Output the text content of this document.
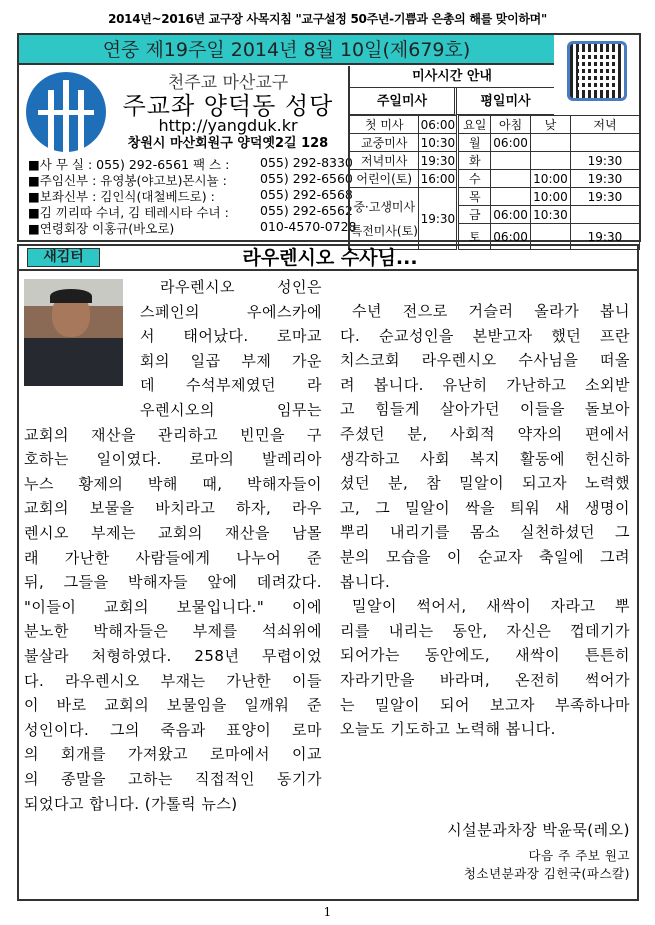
2014년~2016년 교구장 사목지침 "교구설정 50주년-기쁨과 은총의 해를 맞이하며"
연중 제19주일 2014년 8월 10일(제679호)
천주교 마산교구
주교좌 양덕동 성당
http://yangduk.kr
창원시 마산회원구 양덕옛2길 128
■사 무 실 : 055) 292-6561 팩 스 : 055) 292-8330
■주임신부 : 유영봉(야고보)몬시뇰 :	055) 292-6560
■보좌신부 : 김인식(대철베드로) :	055) 292-6568
■김 끼리따 수녀, 김 테레시타 수녀 : 055) 292-6562
■연령회장 이홍규(바오로)	010-4570-0728
미사시간 안내
주일미사	평일미사
첫 미사	06:00	요일	아침	낮	저녁
교중미사	10:30	월	06:00		
저녁미사	19:30	화			19:30
어린이(토)	16:00	수		10:00	19:30

중·고생미사
특전미사(토)	19:30	목		10:00	19:30
		금	06:00	10:30	
		토	06:00		19:30
새김터	라우렌시오 수사님...
라우렌시오 성인은
스페인의 우에스카에
서 태어났다. 로마교
회의 일곱 부제 가운
데 수석부제였던 라
우렌시오의 임무는
교회의 재산을 관리하고 빈민을 구
호하는 일이였다. 로마의 발레리아
누스 황제의 박해 때, 박해자들이
교회의 보물을 바치라고 하자, 라우
렌시오 부제는 교회의 재산을 남몰
래 가난한 사람들에게 나누어 준
뒤, 그들을 박해자들 앞에 데려갔다.
"이들이 교회의 보물입니다." 이에
분노한 박해자들은 부제를 석쇠위에
불살라 처형하였다. 258년 무렵이었
다. 라우렌시오 부재는 가난한 이들
이 바로 교회의 보물임을 일깨워 준
성인이다. 그의 죽음과 표양이 로마
의 회개를 가져왔고 로마에서 이교
의 종말을 고하는 직접적인 동기가
되었다고 합니다. (가톨릭 뉴스)
수년 전으로 거슬러 올라가 봅니
다. 순교성인을 본받고자 했던 프란
치스코회 라우렌시오 수사님을 떠올
려 봅니다. 유난히 가난하고 소외받
고 힘들게 살아가던 이들을 돌보아
주셨던 분, 사회적 약자의 편에서
생각하고 사회 복지 활동에 헌신하
셨던 분, 참 밀알이 되고자 노력했
고, 그 밀알이 싹을 틔워 새 생명이
뿌리 내리기를 몸소 실천하셨던 그
분의 모습을 이 순교자 축일에 그려
봅니다.
밀알이 썩어서, 새싹이 자라고 뿌
리를 내리는 동안, 자신은 껍데기가
되어가는 동안에도, 새싹이 튼튼히
자라기만을 바라며, 온전히 썩어가
는 밀알이 되어 보고자 부족하나마
오늘도 기도하고 노력해 봅니다.
시설분과차장 박윤묵(레오)
다음 주 주보 원고
청소년분과장 김헌국(파스칼)
1
